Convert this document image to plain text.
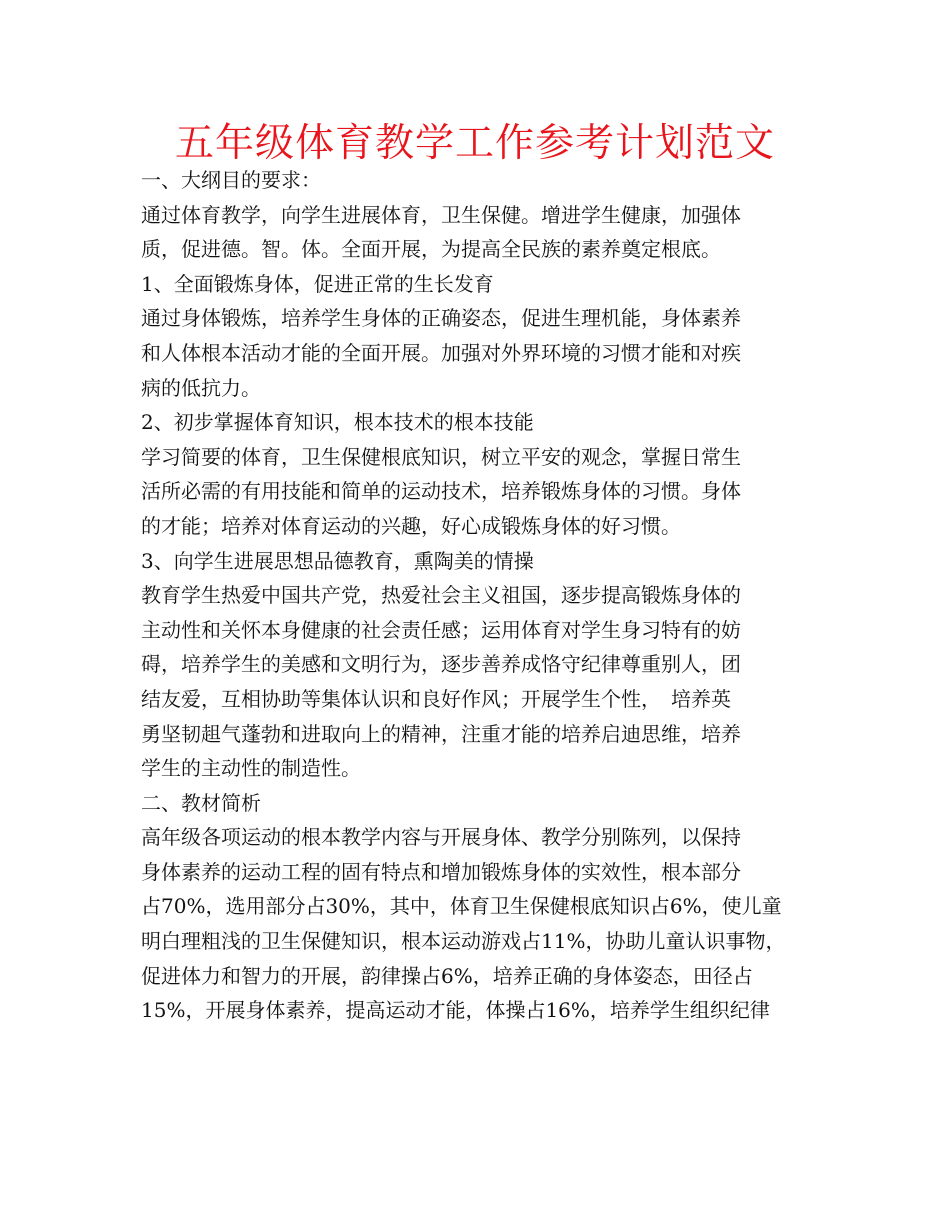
五年级体育教学工作参考计划范文
一、大纲目的要求：
通过体育教学，向学生进展体育，卫生保健。增进学生健康，加强体
质，促进德。智。体。全面开展，为提高全民族的素养奠定根底。
1、全面锻炼身体，促进正常的生长发育
通过身体锻炼，培养学生身体的正确姿态，促进生理机能，身体素养
和人体根本活动才能的全面开展。加强对外界环境的习惯才能和对疾
病的低抗力。
2、初步掌握体育知识，根本技术的根本技能
学习简要的体育，卫生保健根底知识，树立平安的观念，掌握日常生
活所必需的有用技能和简单的运动技术，培养锻炼身体的习惯。身体
的才能；培养对体育运动的兴趣，好心成锻炼身体的好习惯。
3、向学生进展思想品德教育，熏陶美的情操
教育学生热爱中国共产党，热爱社会主义祖国，逐步提高锻炼身体的
主动性和关怀本身健康的社会责任感；运用体育对学生身习特有的妨
碍，培养学生的美感和文明行为，逐步善养成恪守纪律尊重别人，团
结友爱，互相协助等集体认识和良好作风；开展学生个性，　培养英
勇坚韧趄气蓬勃和进取向上的精神，注重才能的培养启迪思维，培养
学生的主动性的制造性。
二、教材简析
高年级各项运动的根本教学内容与开展身体、教学分别陈列，以保持
身体素养的运动工程的固有特点和增加锻炼身体的实效性，根本部分
占70%，选用部分占30%，其中，体育卫生保健根底知识占6%，使儿童
明白理粗浅的卫生保健知识，根本运动游戏占11%，协助儿童认识事物，
促进体力和智力的开展，韵律操占6%，培养正确的身体姿态，田径占
15%，开展身体素养，提高运动才能，体操占16%，培养学生组织纪律
